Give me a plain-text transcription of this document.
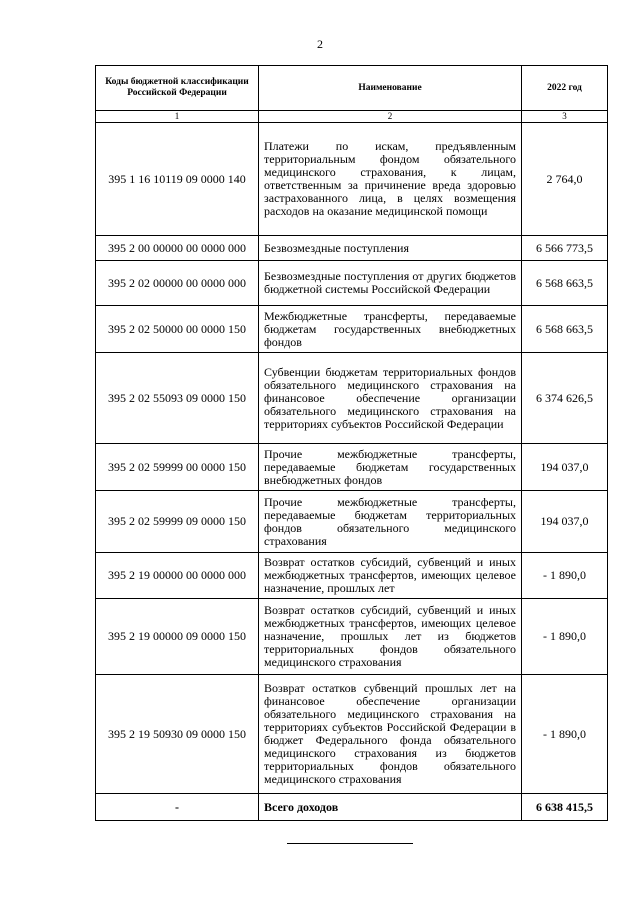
2
Коды бюджетной классификации Российской Федерации	Наименование	2022 год
1	2	3
395 1 16 10119 09 0000 140	Платежи по искам, предъявленным территориальным фондом обязательного медицинского страхования, к лицам, ответственным за причинение вреда здоровью застрахованного лица, в целях возмещения расходов на оказание медицинской помощи	2 764,0
395 2 00 00000 00 0000 000	Безвозмездные поступления	6 566 773,5
395 2 02 00000 00 0000 000	Безвозмездные поступления от других бюджетов бюджетной системы Российской Федерации	6 568 663,5
395 2 02 50000 00 0000 150	Межбюджетные трансферты, передаваемые бюджетам государственных внебюджетных фондов	6 568 663,5
395 2 02 55093 09 0000 150	Субвенции бюджетам территориальных фондов обязательного медицинского страхования на финансовое обеспечение организации обязательного медицинского страхования на территориях субъектов Российской Федерации	6 374 626,5
395 2 02 59999 00 0000 150	Прочие межбюджетные трансферты, передаваемые бюджетам государственных внебюджетных фондов	194 037,0
395 2 02 59999 09 0000 150	Прочие межбюджетные трансферты, передаваемые бюджетам территориальных фондов обязательного медицинского страхования	194 037,0
395 2 19 00000 00 0000 000	Возврат остатков субсидий, субвенций и иных межбюджетных трансфертов, имеющих целевое назначение, прошлых лет	- 1 890,0
395 2 19 00000 09 0000 150	Возврат остатков субсидий, субвенций и иных межбюджетных трансфертов, имеющих целевое назначение, прошлых лет из бюджетов территориальных фондов обязательного медицинского страхования	- 1 890,0
395 2 19 50930 09 0000 150	Возврат остатков субвенций прошлых лет на финансовое обеспечение организации обязательного медицинского страхования на территориях субъектов Российской Федерации в бюджет Федерального фонда обязательного медицинского страхования из бюджетов территориальных фондов обязательного медицинского страхования	- 1 890,0
-	Всего доходов	6 638 415,5
